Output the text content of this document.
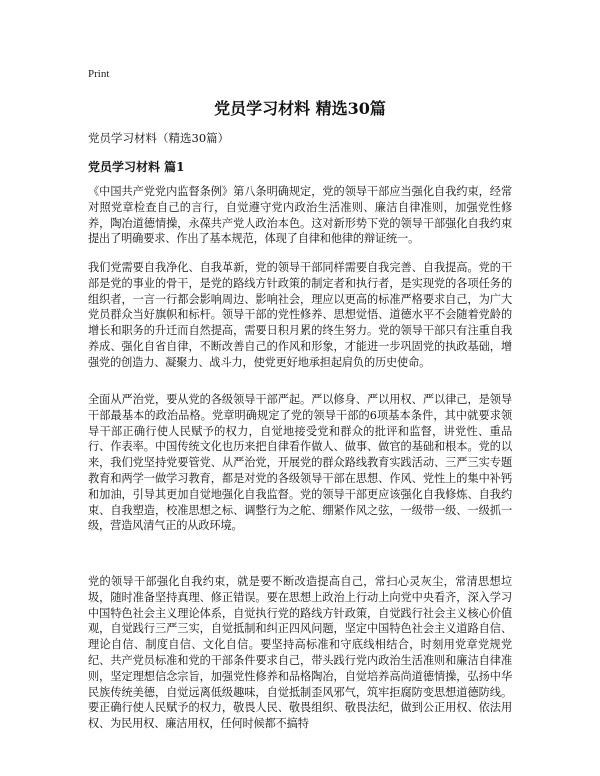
Print
党员学习材料 精选30篇

党员学习材料（精选30篇）

党员学习材料 篇1

《中国共产党党内监督条例》第八条明确规定，党的领导干部应当强化自我约束，经常对照党章检查自己的言行，自觉遵守党内政治生活准则、廉洁自律准则，加强党性修养，陶冶道德情操，永葆共产党人政治本色。这对新形势下党的领导干部强化自我约束提出了明确要求、作出了基本规范，体现了自律和他律的辩证统一。

我们党需要自我净化、自我革新，党的领导干部同样需要自我完善、自我提高。党的干部是党的事业的骨干，是党的路线方针政策的制定者和执行者，是实现党的各项任务的组织者，一言一行都会影响周边、影响社会，理应以更高的标准严格要求自己，为广大党员群众当好旗帜和标杆。领导干部的党性修养、思想觉悟、道德水平不会随着党龄的增长和职务的升迁而自然提高，需要日积月累的终生努力。党的领导干部只有注重自我养成、强化自省自律，不断改善自己的作风和形象，才能进一步巩固党的执政基础，增强党的创造力、凝聚力、战斗力，使党更好地承担起肩负的历史使命。

全面从严治党，要从党的各级领导干部严起。严以修身、严以用权、严以律己，是领导干部最基本的政治品格。党章明确规定了党的领导干部的6项基本条件，其中就要求领导干部正确行使人民赋予的权力，自觉地接受党和群众的批评和监督，讲党性、重品行、作表率。中国传统文化也历来把自律看作做人、做事、做官的基础和根本。党的以来，我们党坚持党要管党、从严治党，开展党的群众路线教育实践活动、三严三实专题教育和两学一做学习教育，都是对党的各级领导干部在思想、作风、党性上的集中补钙和加油，引导其更加自觉地强化自我监督。党的领导干部更应该强化自我修炼、自我约束、自我塑造，校准思想之标、调整行为之舵、绷紧作风之弦，一级带一级、一级抓一级，营造风清气正的从政环境。

党的领导干部强化自我约束，就是要不断改造提高自己，常扫心灵灰尘，常清思想垃圾，随时准备坚持真理、修正错误。要在思想上政治上行动上向党中央看齐，深入学习中国特色社会主义理论体系，自觉执行党的路线方针政策，自觉践行社会主义核心价值观，自觉践行三严三实，自觉抵制和纠正四风问题，坚定中国特色社会主义道路自信、理论自信、制度自信、文化自信。要坚持高标准和守底线相结合，时刻用党章党规党纪、共产党员标准和党的干部条件要求自己，带头践行党内政治生活准则和廉洁自律准则，坚定理想信念宗旨，加强党性修养和品格陶冶，自觉培养高尚道德情操，弘扬中华民族传统美德，自觉远离低级趣味，自觉抵制歪风邪气，筑牢拒腐防变思想道德防线。要正确行使人民赋予的权力，敬畏人民、敬畏组织、敬畏法纪，做到公正用权、依法用权、为民用权、廉洁用权，任何时候都不搞特
